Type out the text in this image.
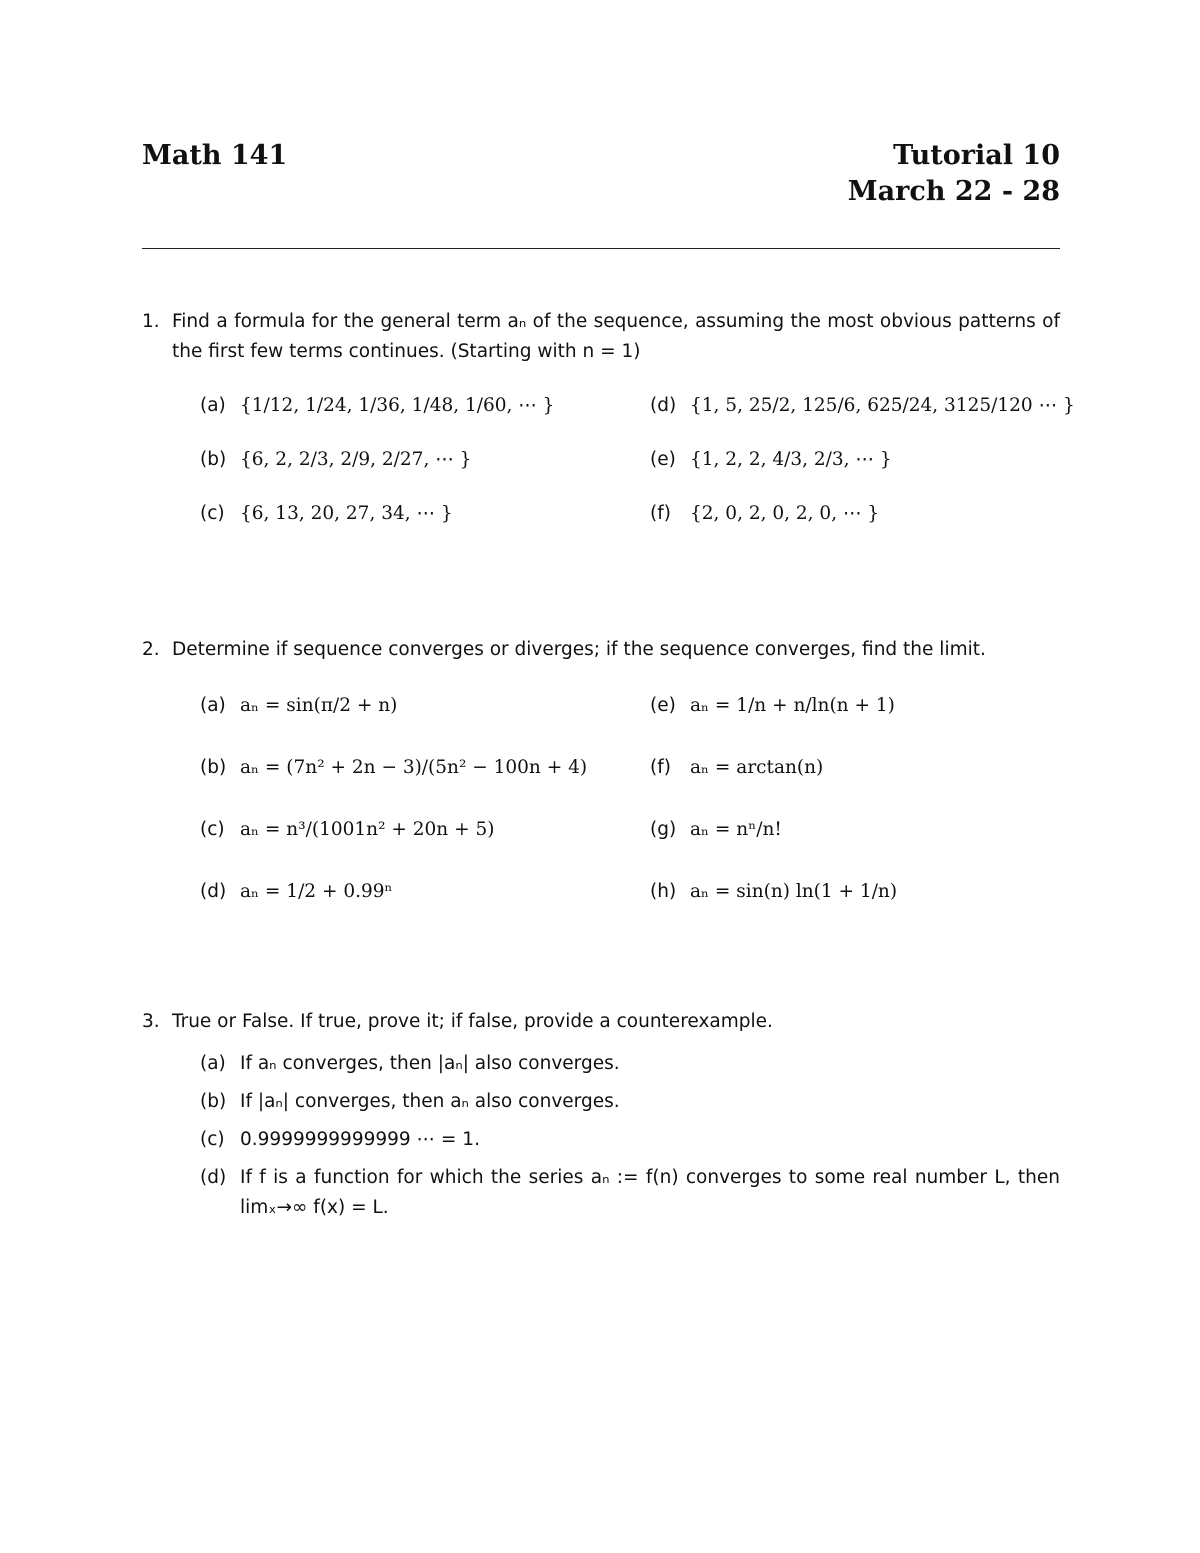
Math 141	Tutorial 10
March 22 - 28
1. Find a formula for the general term aₙ of the sequence, assuming the most obvious patterns of the first few terms continues. (Starting with n = 1)
(a) {1/12, 1/24, 1/36, 1/48, 1/60, ⋯ }	(d) {1, 5, 25/2, 125/6, 625/24, 3125/120 ⋯ }
(b) {6, 2, 2/3, 2/9, 2/27, ⋯ }	(e) {1, 2, 2, 4/3, 2/3, ⋯ }
(c) {6, 13, 20, 27, 34, ⋯ }	(f)	{2, 0, 2, 0, 2, 0, ⋯ }
2. Determine if sequence converges or diverges; if the sequence converges, find the limit.
(a) aₙ = sin(π/2 + n)	(e) aₙ = 1/n + n/ln(n + 1)
(b) aₙ = (7n² + 2n − 3)/(5n² − 100n + 4)	(f)	aₙ = arctan(n)
(c) aₙ = n³/(1001n² + 20n + 5)	(g) aₙ = nⁿ/n!
(d) aₙ = 1/2 + 0.99ⁿ	(h) aₙ = sin(n) ln(1 + 1/n)
3. True or False. If true, prove it; if false, provide a counterexample.
(a) If aₙ converges, then |aₙ| also converges.
(b) If |aₙ| converges, then aₙ also converges.
(c) 0.9999999999999 ⋯ = 1.
(d) If f is a function for which the series aₙ := f(n) converges to some real number L, then limₓ→∞ f(x) = L.
